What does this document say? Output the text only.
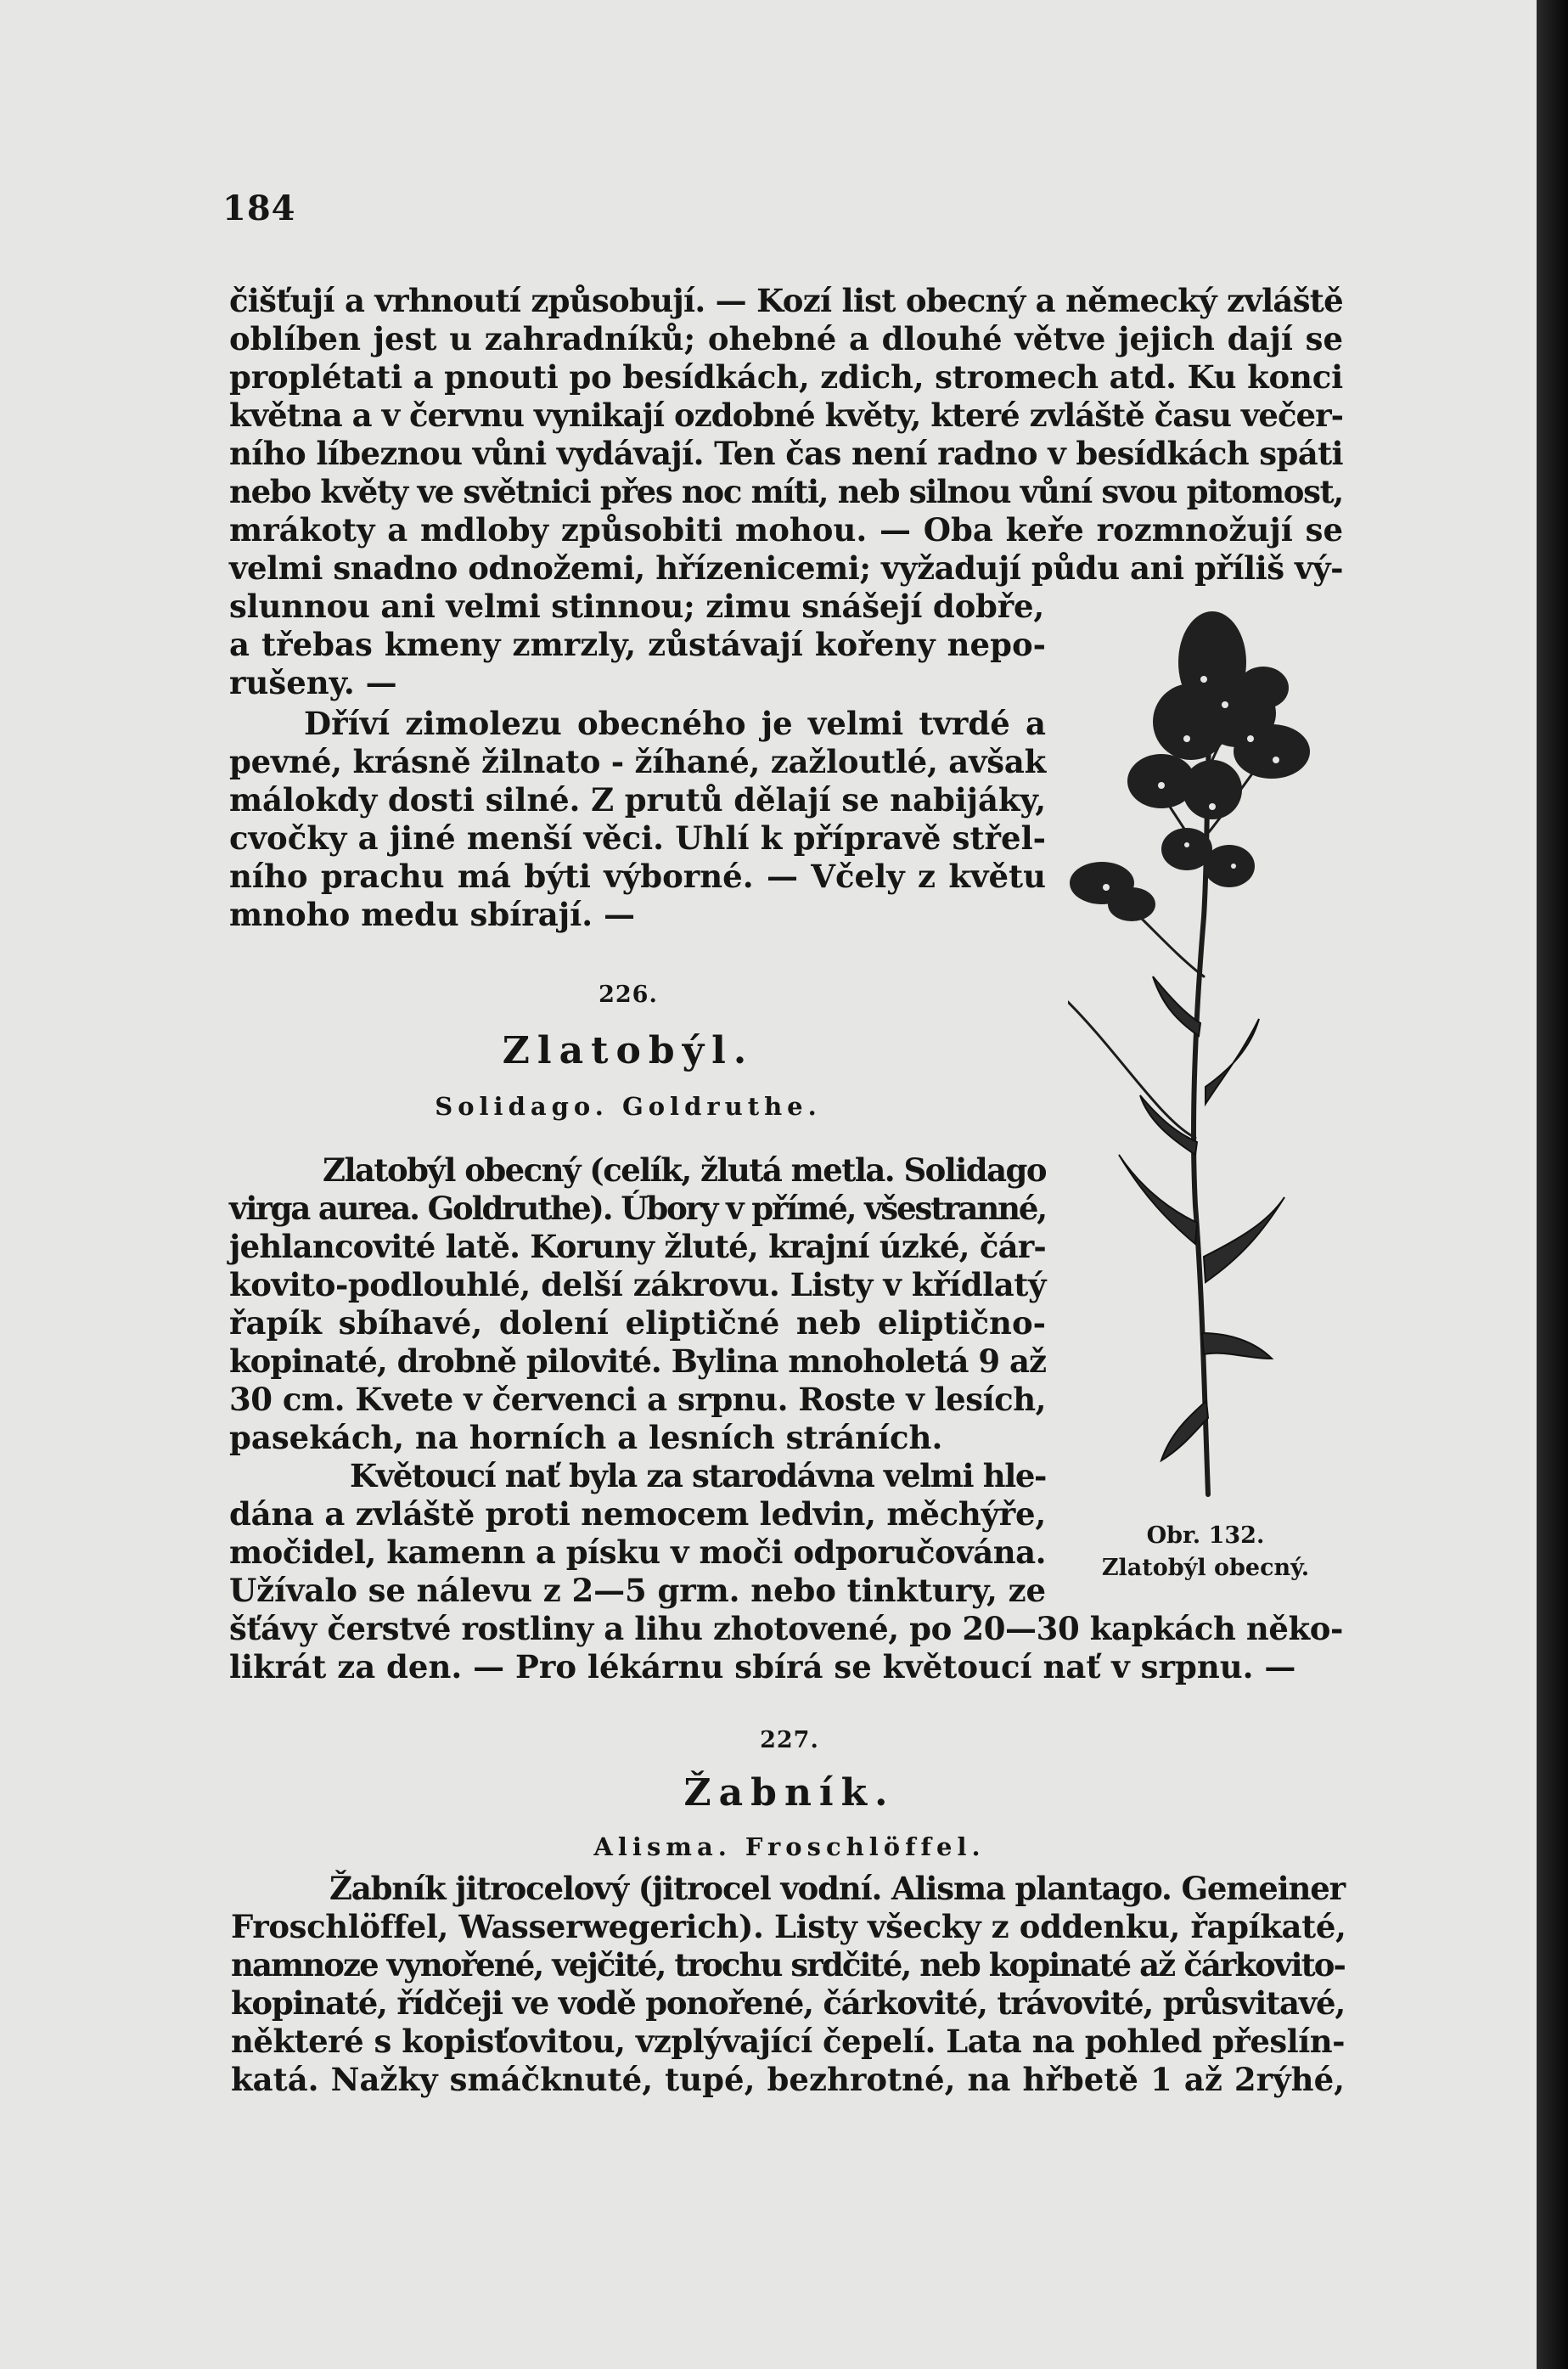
184
čišťují a vrhnoutí způsobují. — Kozí list obecný a německý zvláště
oblíben jest u zahradníků; ohebné a dlouhé větve jejich dají se
proplétati a pnouti po besídkách, zdich, stromech atd. Ku konci
května a v červnu vynikají ozdobné květy, které zvláště času večer-
ního líbeznou vůni vydávají. Ten čas není radno v besídkách spáti
nebo květy ve světnici přes noc míti, neb silnou vůní svou pitomost,
mrákoty a mdloby způsobiti mohou. — Oba keře rozmnožují se
velmi snadno odnožemi, hřízenicemi; vyžadují půdu ani příliš vý-
slunnou ani velmi stinnou; zimu snášejí dobře,
a třebas kmeny zmrzly, zůstávají kořeny nepo-
rušeny. —
Dříví zimolezu obecného je velmi tvrdé a
pevné, krásně žilnato - žíhané, zažloutlé, avšak
málokdy dosti silné. Z prutů dělají se nabijáky,
cvočky a jiné menší věci. Uhlí k přípravě střel-
ního prachu má býti výborné. — Včely z květu
mnoho medu sbírají. —
226.
Zlatobýl.
Solidago. Goldruthe.
Zlatobýl obecný (celík, žlutá metla. Solidago
virga aurea. Goldruthe). Úbory v přímé, všestranné,
jehlancovité latě. Koruny žluté, krajní úzké, čár-
kovito-podlouhlé, delší zákrovu. Listy v křídlatý
řapík sbíhavé, dolení eliptičné neb eliptično-
kopinaté, drobně pilovité. Bylina mnoholetá 9 až
30 cm. Kvete v červenci a srpnu. Roste v lesích,
pasekách, na horních a lesních stráních.
Květoucí nať byla za starodávna velmi hle-
dána a zvláště proti nemocem ledvin, měchýře,
močidel, kamenn a písku v moči odporučována.
Užívalo se nálevu z 2—5 grm. nebo tinktury, ze
šťávy čerstvé rostliny a lihu zhotovené, po 20—30 kapkách něko-
likrát za den. — Pro lékárnu sbírá se květoucí nať v srpnu. —
Obr. 132.
Zlatobýl obecný.
227.
Žabník.
Alisma. Froschlöffel.
Žabník jitrocelový (jitrocel vodní. Alisma plantago. Gemeiner
Froschlöffel, Wasserwegerich). Listy všecky z oddenku, řapíkaté,
namnoze vynořené, vejčité, trochu srdčité, neb kopinaté až čárkovito-
kopinaté, řídčeji ve vodě ponořené, čárkovité, trávovité, průsvitavé,
některé s kopisťovitou, vzplývající čepelí. Lata na pohled přeslín-
katá. Nažky smáčknuté, tupé, bezhrotné, na hřbetě 1 až 2rýhé,
